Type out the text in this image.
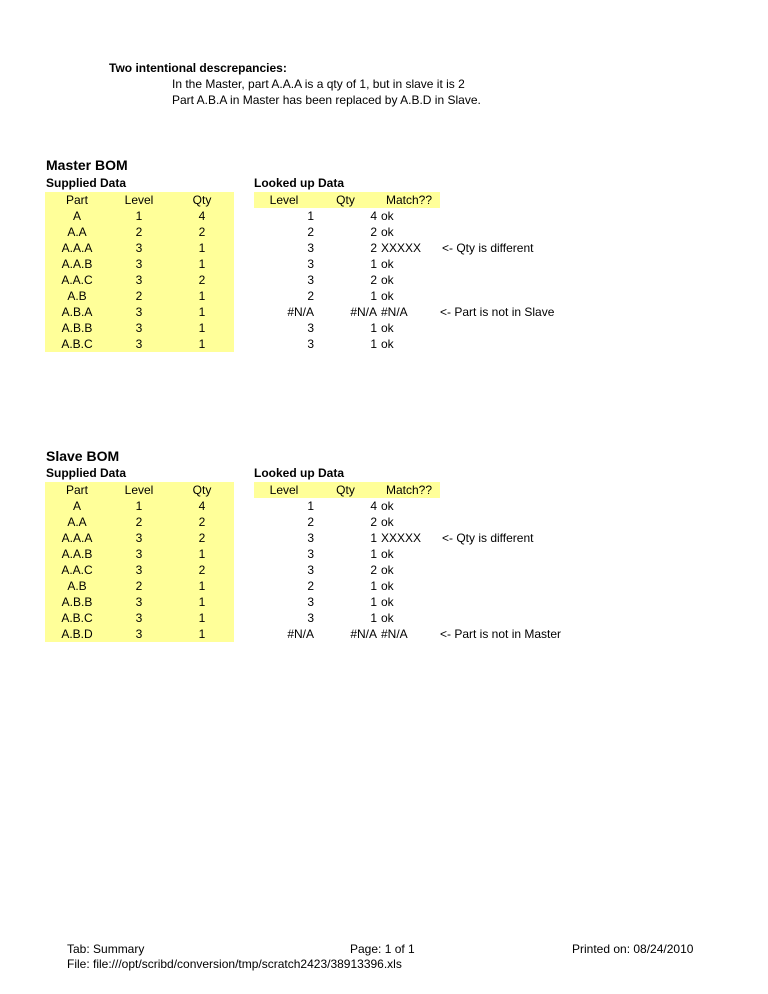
Two intentional descrepancies:
In the Master, part A.A.A is a qty of 1, but in slave it is 2
Part A.B.A in Master has been replaced by A.B.D in Slave.
Master BOM
Supplied Data	Looked up Data
Part	Level	Qty	Level	Qty	Match??
A	1	4	1	4 ok
A.A	2	2	2	2 ok
A.A.A	3	1	3	2 XXXXX	<- Qty is different
A.A.B	3	1	3	1 ok
A.A.C	3	2	3	2 ok
A.B	2	1	2	1 ok
A.B.A	3	1	#N/A	#N/A #N/A	<- Part is not in Slave
A.B.B	3	1	3	1 ok
A.B.C	3	1	3	1 ok
Slave BOM
Supplied Data	Looked up Data
Part	Level	Qty	Level	Qty	Match??
A	1	4	1	4 ok
A.A	2	2	2	2 ok
A.A.A	3	2	3	1 XXXXX	<- Qty is different
A.A.B	3	1	3	1 ok
A.A.C	3	2	3	2 ok
A.B	2	1	2	1 ok
A.B.B	3	1	3	1 ok
A.B.C	3	1	3	1 ok
A.B.D	3	1	#N/A	#N/A #N/A	<- Part is not in Master
Tab: Summary	Page: 1 of 1	Printed on: 08/24/2010
File: file:///opt/scribd/conversion/tmp/scratch2423/38913396.xls
